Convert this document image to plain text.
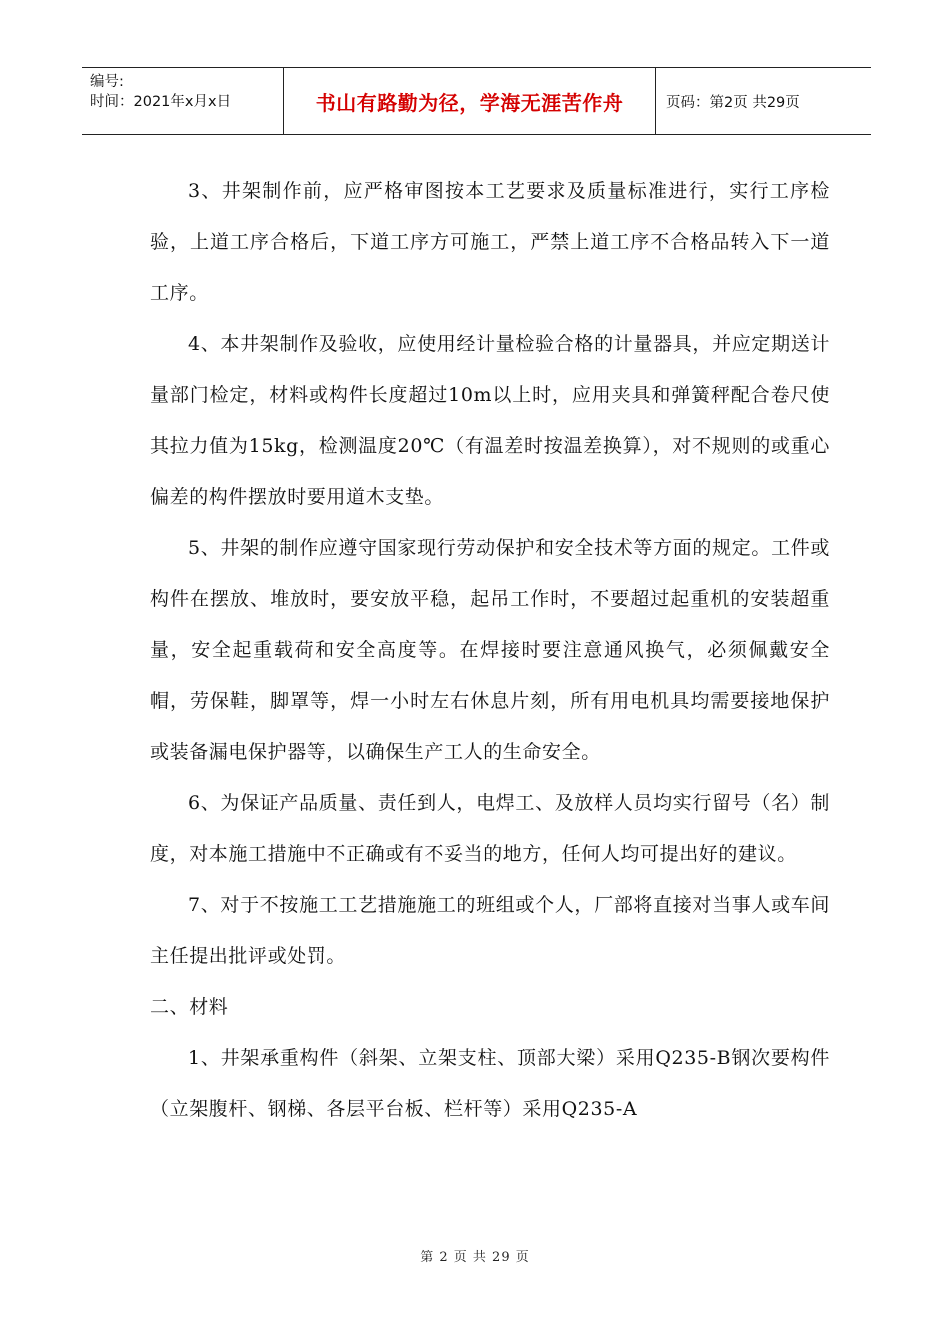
编号:
时间：2021年x月x日	书山有路勤为径，学海无涯苦作舟	页码：第2页 共29页

3、井架制作前，应严格审图按本工艺要求及质量标准进行，实行工序检验，上道工序合格后，下道工序方可施工，严禁上道工序不合格品转入下一道工序。

4、本井架制作及验收，应使用经计量检验合格的计量器具，并应定期送计量部门检定，材料或构件长度超过10m以上时，应用夹具和弹簧秤配合卷尺使其拉力值为15kg，检测温度20℃（有温差时按温差换算），对不规则的或重心偏差的构件摆放时要用道木支垫。

5、井架的制作应遵守国家现行劳动保护和安全技术等方面的规定。工件或构件在摆放、堆放时，要安放平稳，起吊工作时，不要超过起重机的安装超重量，安全起重载荷和安全高度等。在焊接时要注意通风换气，必须佩戴安全帽，劳保鞋，脚罩等，焊一小时左右休息片刻，所有用电机具均需要接地保护或装备漏电保护器等，以确保生产工人的生命安全。

6、为保证产品质量、责任到人，电焊工、及放样人员均实行留号（名）制度，对本施工措施中不正确或有不妥当的地方，任何人均可提出好的建议。

7、对于不按施工工艺措施施工的班组或个人，厂部将直接对当事人或车间主任提出批评或处罚。

二、材料

1、井架承重构件（斜架、立架支柱、顶部大梁）采用Q235-B钢次要构件（立架腹杆、钢梯、各层平台板、栏杆等）采用Q235-A

第 2 页 共 29 页
